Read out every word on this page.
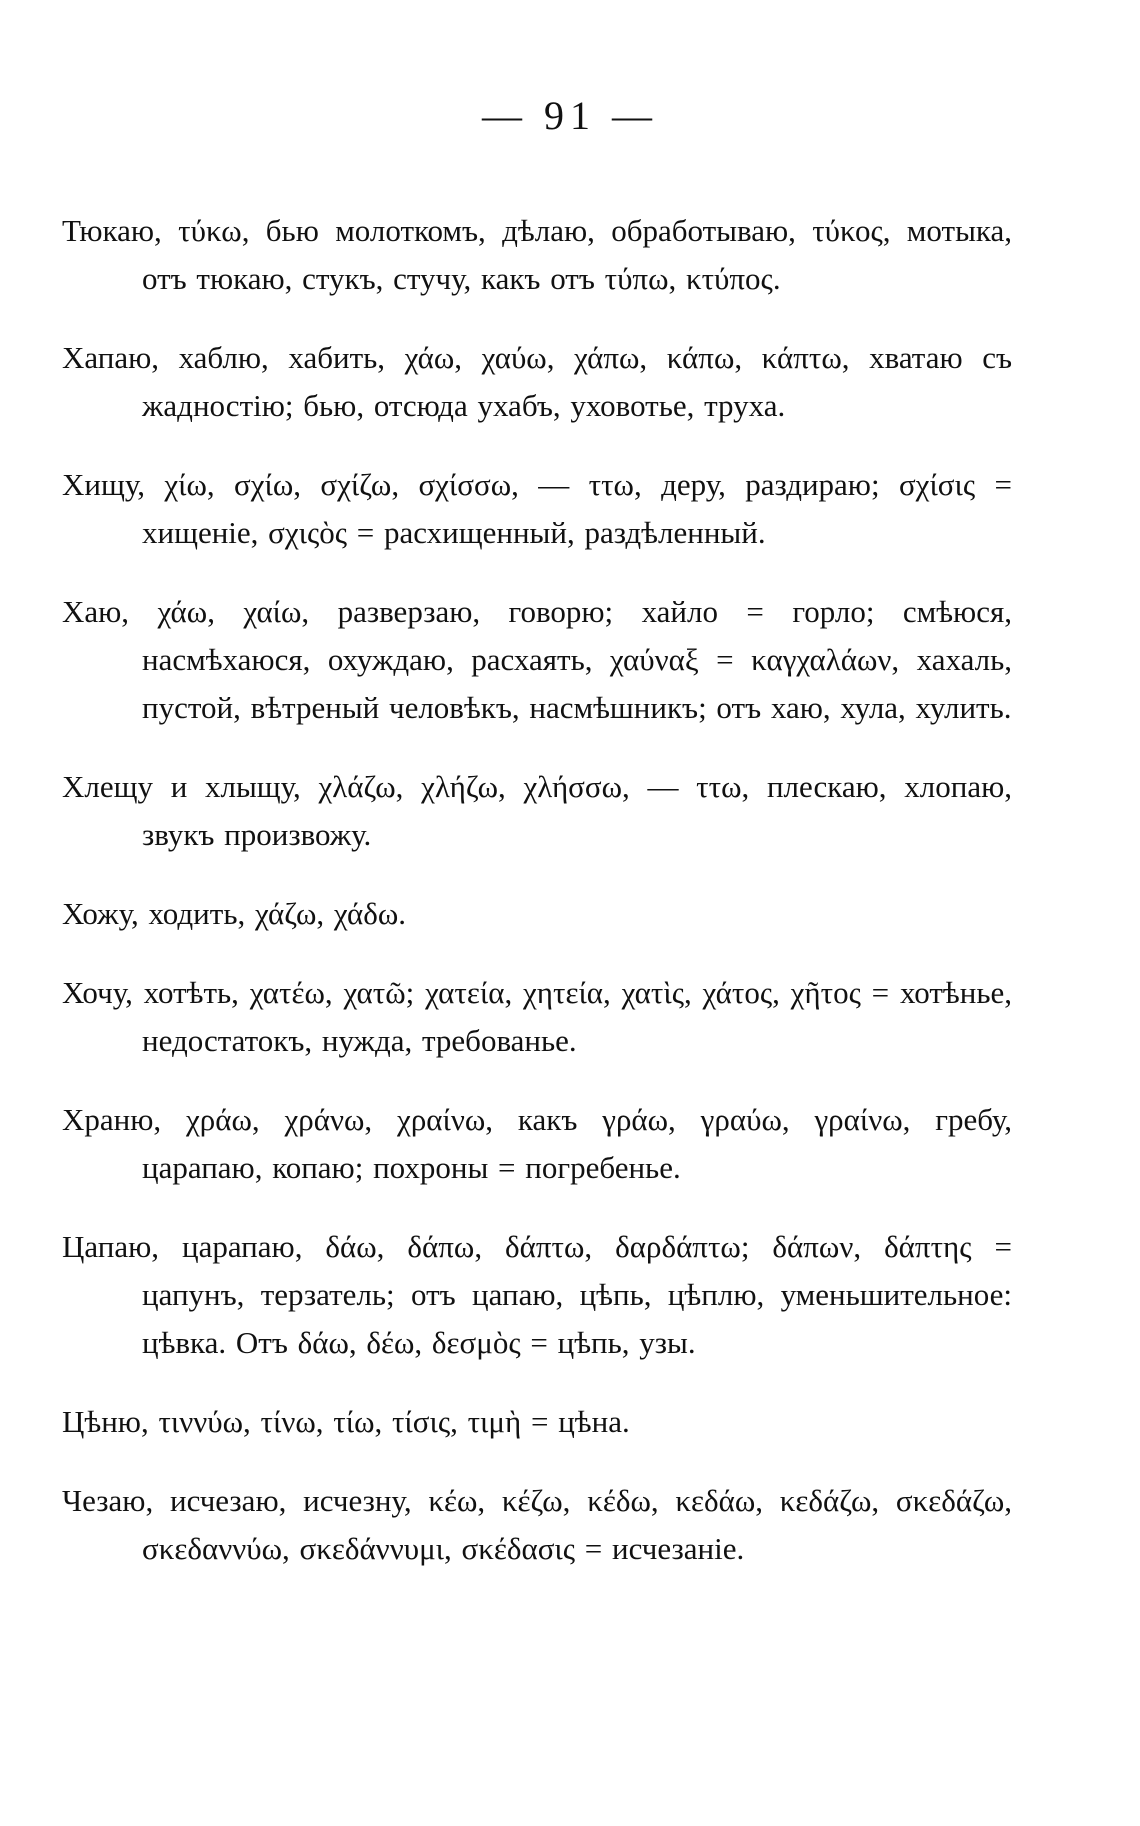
— 91 —

Тюкаю, τύκω, бью молоткомъ, дѣлаю, обработываю, τύκος, мотыка, отъ тюкаю, стукъ, стучу, какъ отъ τύπω, κτύπος.

Хапаю, хаблю, хабить, χάω, χαύω, χάπω, κάπω, κάπτω, хватаю съ жадностію; бью, отсюда ухабъ, уховотье, труха.

Хищу, χίω, σχίω, σχίζω, σχίσσω, — ττω, деру, раздираю; σχίσις = хищеніе, σχιςὸς = расхищенный, раздѣленный.

Хаю, χάω, χαίω, разверзаю, говорю; хайло = горло; смѣюся, насмѣхаюся, охуждаю, расхаять, χαύναξ = καγχαλάων, хахаль, пустой, вѣтреный человѣкъ, насмѣшникъ; отъ хаю, хула, хулить.

Хлещу и хлыщу, χλάζω, χλήζω, χλήσσω, — ττω, плескаю, хлопаю, звукъ произвожу.

Хожу, ходить, χάζω, χάδω.

Хочу, хотѣть, χατέω, χατῶ; χατεία, χητεία, χατὶς, χάτος, χῆτος = хотѣнье, недостатокъ, нужда, требованье.

Храню, χράω, χράνω, χραίνω, какъ γράω, γραύω, γραίνω, гребу, царапаю, копаю; похроны = погребенье.

Цапаю, царапаю, δάω, δάπω, δάπτω, δαρδάπτω; δάπων, δάπτης = цапунъ, терзатель; отъ цапаю, цѣпь, цѣплю, уменьшительное: цѣвка. Отъ δάω, δέω, δεσμὸς = цѣпь, узы.

Цѣню, τιννύω, τίνω, τίω, τίσις, τιμὴ = цѣна.

Чезаю, исчезаю, исчезну, κέω, κέζω, κέδω, κεδάω, κεδάζω, σκεδάζω, σκεδαννύω, σκεδάννυμι, σκέδασις = исчезаніе.
